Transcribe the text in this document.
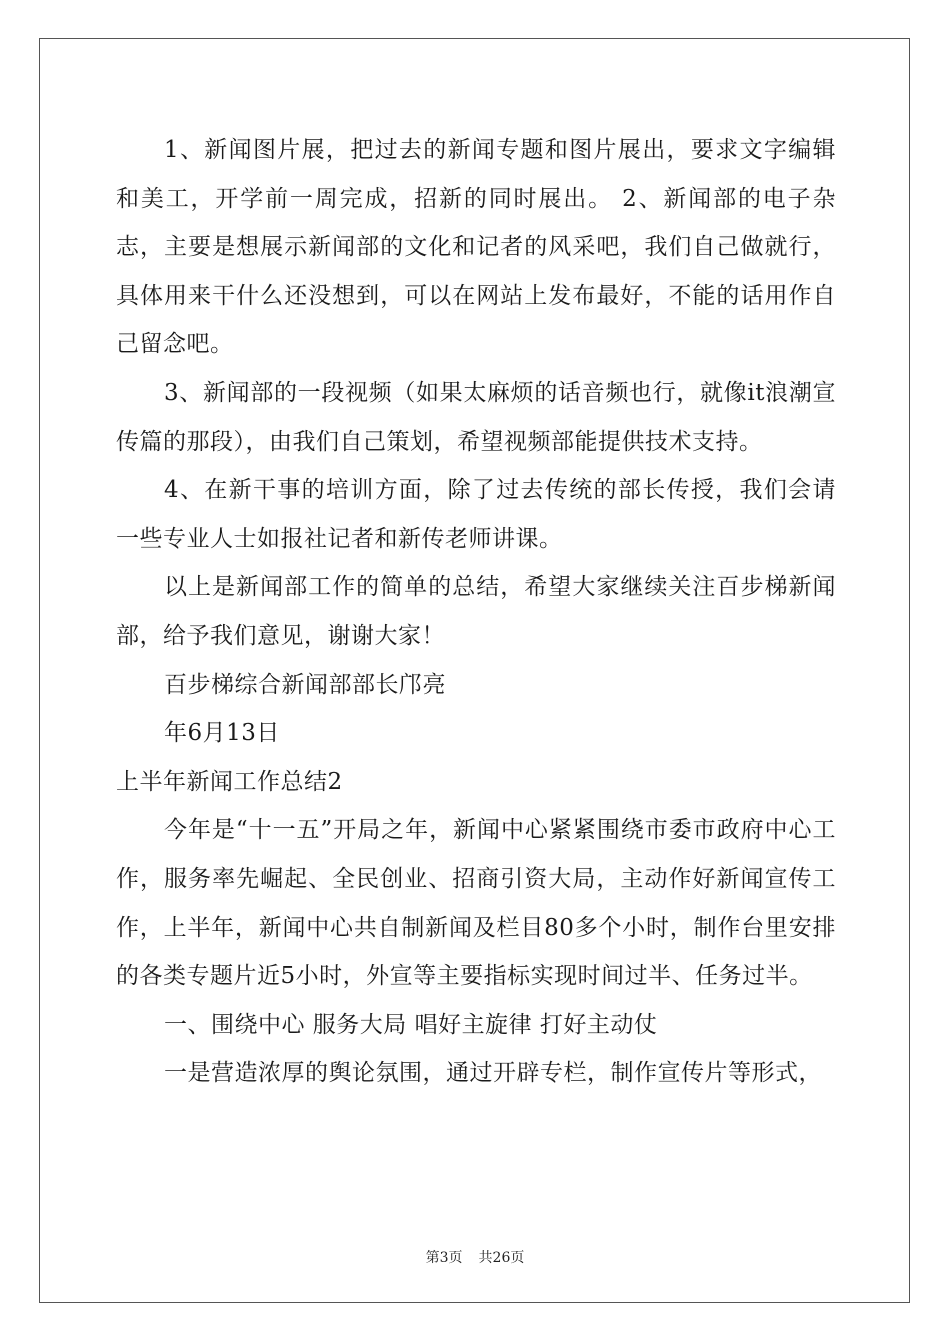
1、新闻图片展，把过去的新闻专题和图片展出，要求文字编辑和美工，开学前一周完成，招新的同时展出。 2、新闻部的电子杂志，主要是想展示新闻部的文化和记者的风采吧，我们自己做就行，具体用来干什么还没想到，可以在网站上发布最好，不能的话用作自己留念吧。

3、新闻部的一段视频（如果太麻烦的话音频也行，就像it浪潮宣传篇的那段），由我们自己策划，希望视频部能提供技术支持。

4、在新干事的培训方面，除了过去传统的部长传授，我们会请一些专业人士如报社记者和新传老师讲课。

以上是新闻部工作的简单的总结，希望大家继续关注百步梯新闻部，给予我们意见，谢谢大家！

百步梯综合新闻部部长邝亮

年6月13日

上半年新闻工作总结2

今年是“十一五”开局之年，新闻中心紧紧围绕市委市政府中心工作，服务率先崛起、全民创业、招商引资大局，主动作好新闻宣传工作，上半年，新闻中心共自制新闻及栏目80多个小时，制作台里安排的各类专题片近5小时，外宣等主要指标实现时间过半、任务过半。

一、围绕中心 服务大局 唱好主旋律 打好主动仗

一是营造浓厚的舆论氛围，通过开辟专栏，制作宣传片等形式，

第3页 共26页
